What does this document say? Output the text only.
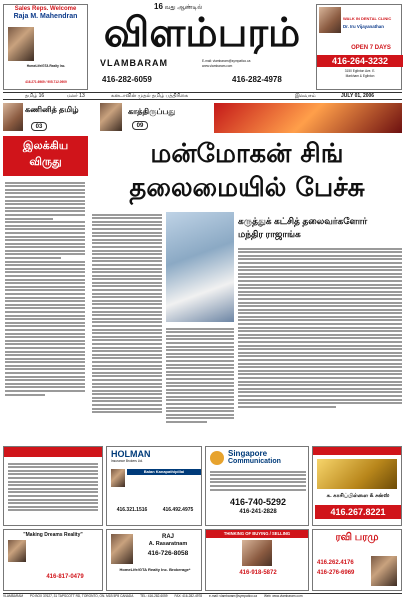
Sales Reps. Welcome
Raja M. Mahendran
HomeLife/GTA Realty Inc.
416.271.6969 / 905.712.0909
16 வது ஆண்டில்
விளம்பரம்
VLAMBARAM	E-mail: vlambaram@sympatico.ca
www.vlambaram.com
416-282-6059	416-282-4978
WALK IN DENTAL CLINIC
Dr. Iru Vijayanathan
OPEN 7 DAYS
416-264-3232
3150 Eglinton Ave. E.
Markham & Eglinton
தமிழ் 16	மலர் 13	கனடாவின் முதல் தமிழ் பத்திரிகை	இலவசம்	JULY 01, 2006
கணினித் தமிழ்
03
காத்திருப்பது
09
இலக்கிய
விருது	மன்மோகன் சிங்
தலைமையில் பேச்சு
கருத்துக் கட்சித் தலைவர்களோர்
மந்திர ராஜாங்க
HOLMAN
Insurance Brokers Ltd.
Balan Kanapathipillai
416.321.1516	416.492.4975
Singapore
Communication
416-740-5292
416-241-2828
க. காசிப்பிள்ளை & சன்ஸ்
416.267.8221
"Making Dreams Reality"
416-817-0479
RAJ
A. Rasaratnam
416-726-8058
HomeLife/GTA Realty Inc. Brokerage*
THINKING OF BUYING / SELLING
416-918-5872
ரவி பரமு
416.262.4176
416-276-6969
VLAMBARAM PO BOX 37627, 31 TAPSCOTT RD, TORONTO, ON. M1B 5P8 CANADA TEL: 416-282-6059 FAX: 416-282-4978 e-mail: vlambaram@sympatico.ca Web: www.vlambaram.com
